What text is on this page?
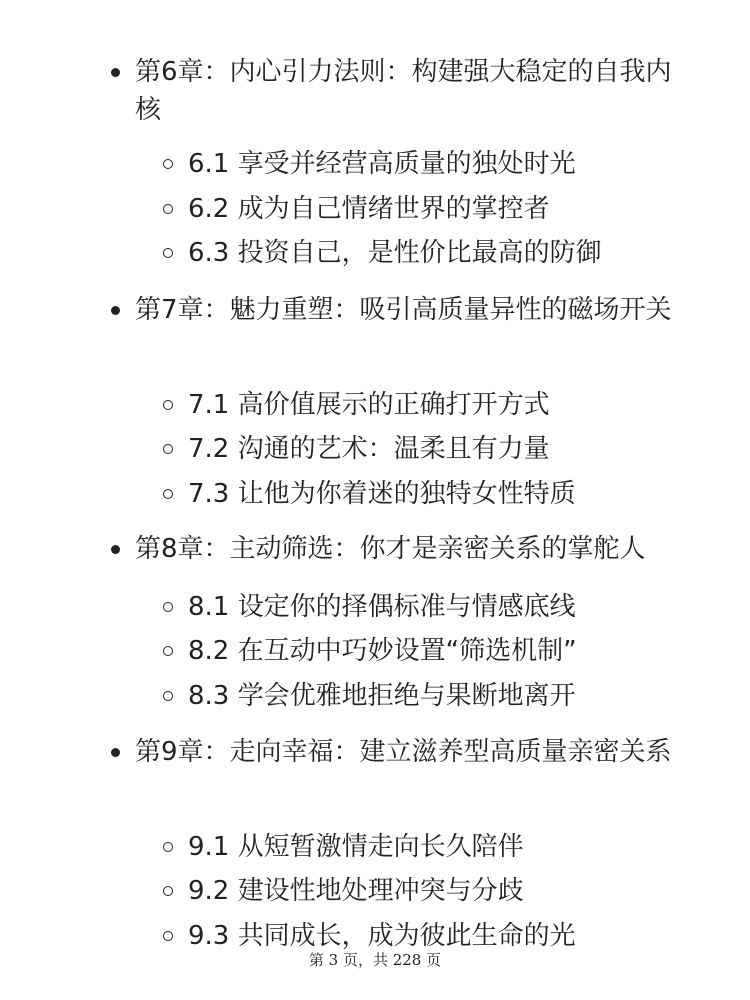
第6章：内心引力法则：构建强大稳定的自我内核
6.1 享受并经营高质量的独处时光
6.2 成为自己情绪世界的掌控者
6.3 投资自己，是性价比最高的防御
第7章：魅力重塑：吸引高质量异性的磁场开关
7.1 高价值展示的正确打开方式
7.2 沟通的艺术：温柔且有力量
7.3 让他为你着迷的独特女性特质
第8章：主动筛选：你才是亲密关系的掌舵人
8.1 设定你的择偶标准与情感底线
8.2 在互动中巧妙设置“筛选机制”
8.3 学会优雅地拒绝与果断地离开
第9章：走向幸福：建立滋养型高质量亲密关系
9.1 从短暂激情走向长久陪伴
9.2 建设性地处理冲突与分歧
9.3 共同成长，成为彼此生命的光
第 3 页，共 228 页
